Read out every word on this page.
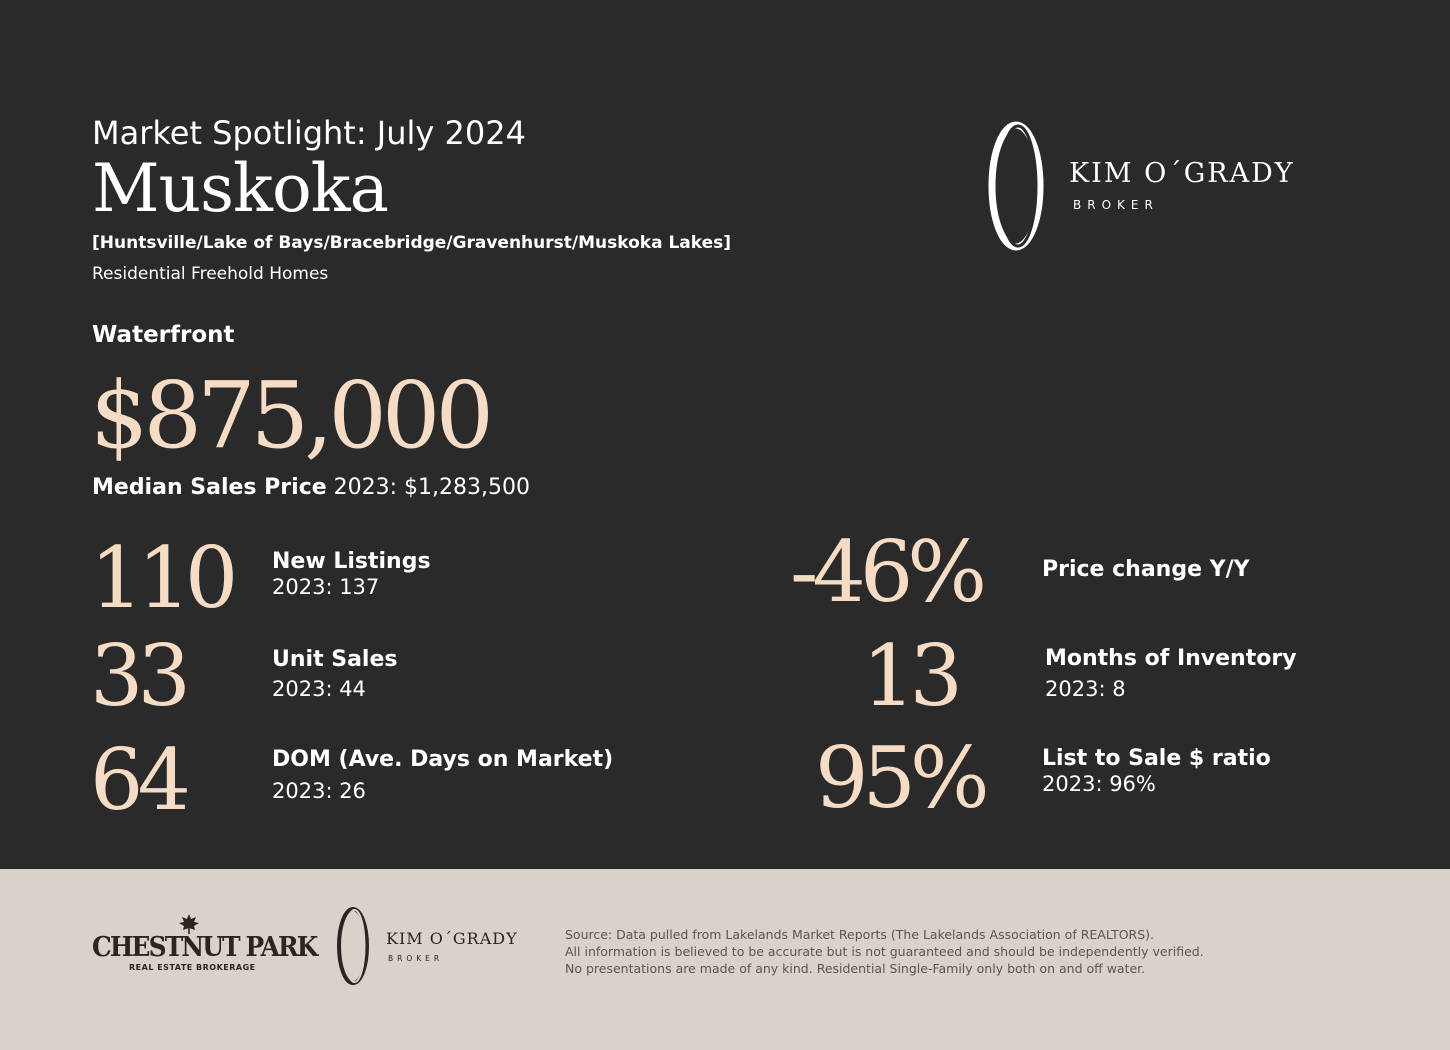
Market Spotlight: July 2024
Muskoka
[Huntsville/Lake of Bays/Bracebridge/Gravenhurst/Muskoka Lakes]
Residential Freehold Homes
KIM O´GRADY
BROKER
Waterfront
$875,000
Median Sales Price 2023: $1,283,500
110 New Listings
2023: 137
33	Unit Sales
2023: 44
64	DOM (Ave. Days on Market)
2023: 26
-46%	Price change Y/Y
13	Months of Inventory
2023: 8
95%	List to Sale $ ratio
2023: 96%
CHESTNUT PARK
REAL ESTATE BROKERAGE
KIM O´GRADY
BROKER
Source: Data pulled from Lakelands Market Reports (The Lakelands Association of REALTORS).
All information is believed to be accurate but is not guaranteed and should be independently verified.
No presentations are made of any kind. Residential Single-Family only both on and off water.
